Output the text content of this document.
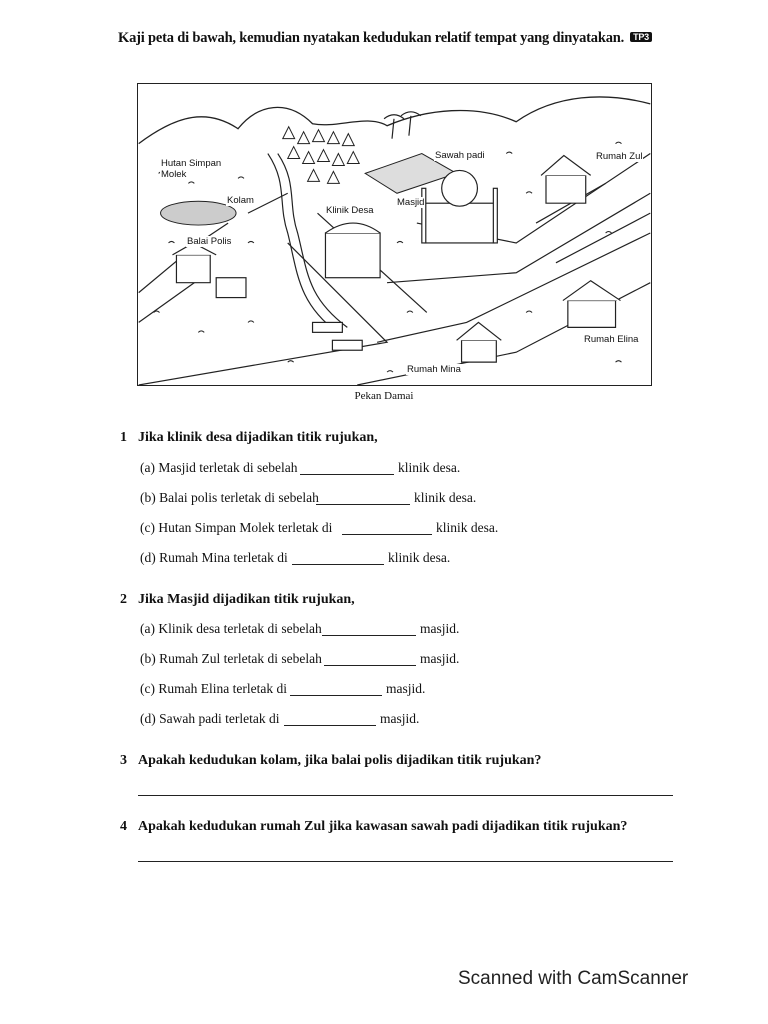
Kaji peta di bawah, kemudian nyatakan kedudukan relatif tempat yang dinyatakan. TP3
Hutan Simpan
Molek
Kolam
Balai Polis
Klinik Desa
Masjid
Sawah padi	Rumah Zul
Rumah Elina
Rumah Mina
Pekan Damai
1 Jika klinik desa dijadikan titik rujukan,
(a) Masjid terletak di sebelah	klinik desa.
(b) Balai polis terletak di sebelah	klinik desa.
(c) Hutan Simpan Molek terletak di	klinik desa.
(d) Rumah Mina terletak di	klinik desa.
2 Jika Masjid dijadikan titik rujukan,
(a) Klinik desa terletak di sebelah	masjid.
(b) Rumah Zul terletak di sebelah	masjid.
(c) Rumah Elina terletak di	masjid.
(d) Sawah padi terletak di	masjid.
3 Apakah kedudukan kolam, jika balai polis dijadikan titik rujukan?
4 Apakah kedudukan rumah Zul jika kawasan sawah padi dijadikan titik rujukan?
Scanned with CamScanner
